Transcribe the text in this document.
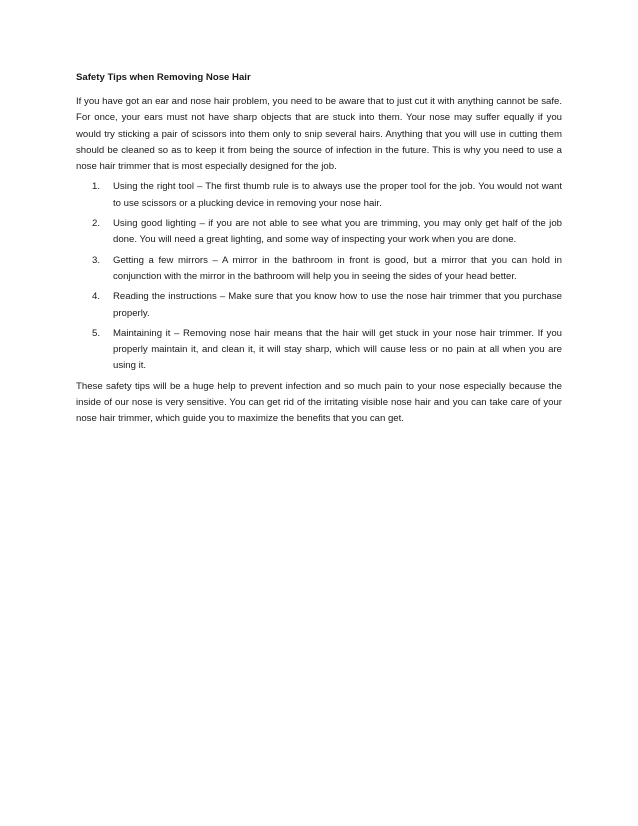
Safety Tips when Removing Nose Hair

If you have got an ear and nose hair problem, you need to be aware that to just cut it with anything cannot be safe. For once, your ears must not have sharp objects that are stuck into them. Your nose may suffer equally if you would try sticking a pair of scissors into them only to snip several hairs. Anything that you will use in cutting them should be cleaned so as to keep it from being the source of infection in the future. This is why you need to use a nose hair trimmer that is most especially designed for the job.

1. Using the right tool – The first thumb rule is to always use the proper tool for the job. You would not want to use scissors or a plucking device in removing your nose hair.
2. Using good lighting – if you are not able to see what you are trimming, you may only get half of the job done. You will need a great lighting, and some way of inspecting your work when you are done.
3. Getting a few mirrors – A mirror in the bathroom in front is good, but a mirror that you can hold in conjunction with the mirror in the bathroom will help you in seeing the sides of your head better.
4. Reading the instructions – Make sure that you know how to use the nose hair trimmer that you purchase properly.
5. Maintaining it – Removing nose hair means that the hair will get stuck in your nose hair trimmer. If you properly maintain it, and clean it, it will stay sharp, which will cause less or no pain at all when you are using it.

These safety tips will be a huge help to prevent infection and so much pain to your nose especially because the inside of our nose is very sensitive. You can get rid of the irritating visible nose hair and you can take care of your nose hair trimmer, which guide you to maximize the benefits that you can get.
